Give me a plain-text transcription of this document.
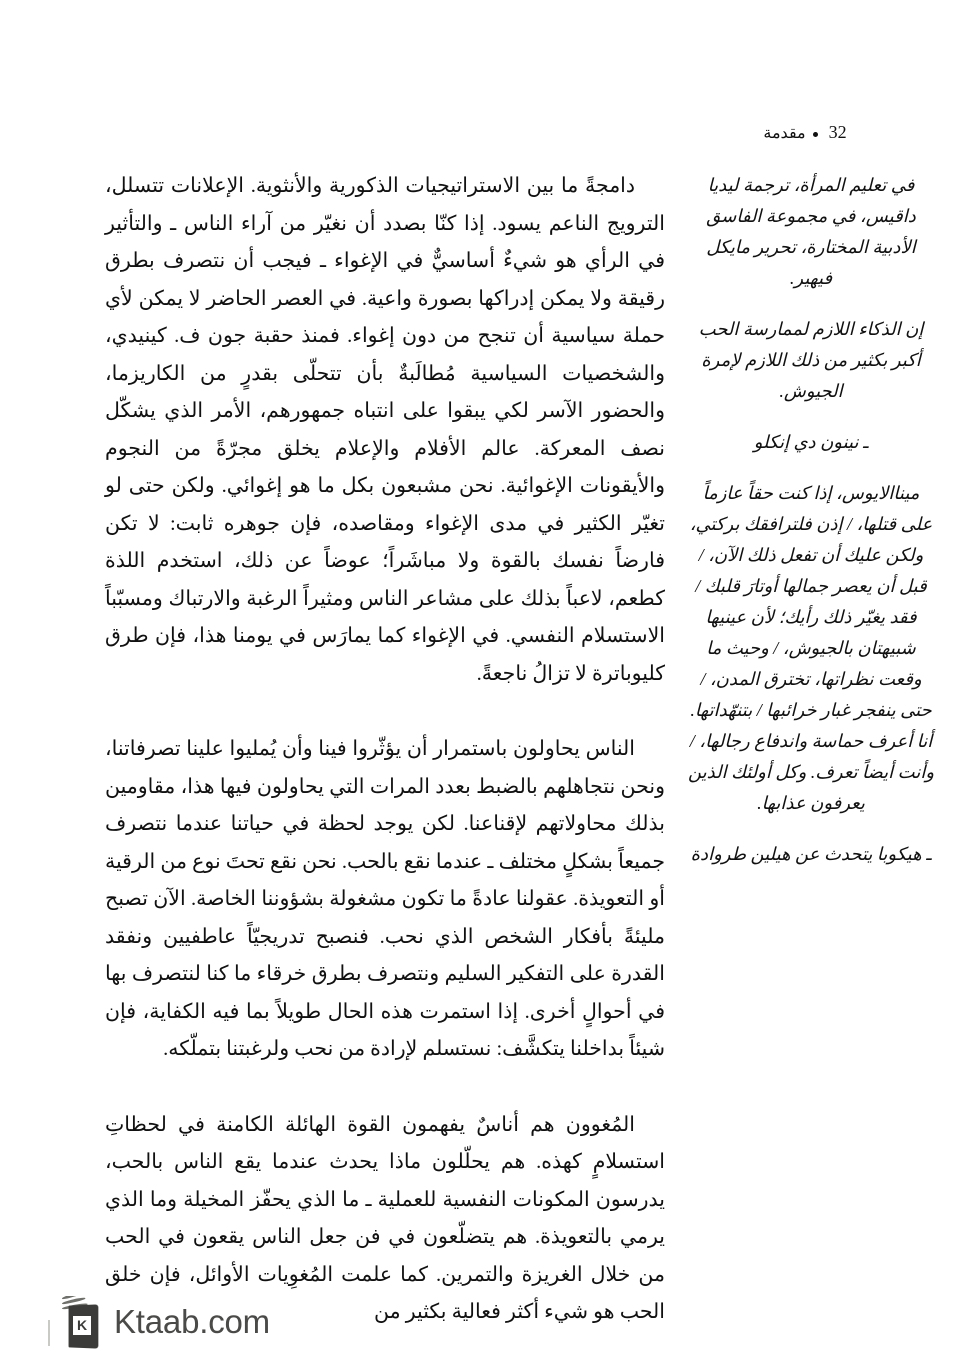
32مقدمة

دامجةً ما بين الاستراتيجيات الذكورية والأنثوية. الإعلانات تتسلل، الترويج الناعم يسود. إذا كنّا بصدد أن نغيّر من آراء الناس ـ والتأثير في الرأي هو شيءٌ أساسيٌّ في الإغواء ـ فيجب أن نتصرف بطرق رقيقة ولا يمكن إدراكها بصورة واعية. في العصر الحاضر لا يمكن لأي حملة سياسية أن تنجح من دون إغواء. فمنذ حقبة جون ف. كينيدي، والشخصيات السياسية مُطالَبةٌ بأن تتحلّى بقدرٍ من الكاريزما، والحضور الآسر لكي يبقوا على انتباه جمهورهم، الأمر الذي يشكّل نصف المعركة. عالم الأفلام والإعلام يخلق مجرّةً من النجوم والأيقونات الإغوائية. نحن مشبعون بكل ما هو إغوائي. ولكن حتى لو تغيّر الكثير في مدى الإغواء ومقاصده، فإن جوهره ثابت: لا تكن فارضاً نفسك بالقوة ولا مباشَراً؛ عوضاً عن ذلك، استخدم اللذة كطعم، لاعباً بذلك على مشاعر الناس ومثيراً الرغبة والارتباك ومسبّباً الاستسلام النفسي. في الإغواء كما يمارَس في يومنا هذا، فإن طرق كليوباترة لا تزالُ ناجعةً.

الناس يحاولون باستمرار أن يؤثّروا فينا وأن يُمليوا علينا تصرفاتنا، ونحن نتجاهلهم بالضبط بعدد المرات التي يحاولون فيها هذا، مقاومين بذلك محاولاتهم لإقناعنا. لكن يوجد لحظة في حياتنا عندما نتصرف جميعاً بشكلٍ مختلف ـ عندما نقع بالحب. نحن نقع تحتَ نوع من الرقية أو التعويذة. عقولنا عادةً ما تكون مشغولة بشؤوننا الخاصة. الآن تصبح مليئةً بأفكار الشخص الذي نحب. فنصبح تدريجيّاً عاطفيين ونفقد القدرة على التفكير السليم ونتصرف بطرق خرقاء ما كنا لنتصرف بها في أحوالٍ أخرى. إذا استمرت هذه الحال طويلاً بما فيه الكفاية، فإن شيئاً بداخلنا يتكشَّف: نستسلم لإرادة من نحب ولرغبتنا بتملّكه.

المُغوون هم أناسٌ يفهمون القوة الهائلة الكامنة في لحظاتِ استسلامٍ كهذه. هم يحلّلون ماذا يحدث عندما يقع الناس بالحب، يدرسون المكونات النفسية للعملية ـ ما الذي يحفّز المخيلة وما الذي يرمي بالتعويذة. هم يتضلّعون في فن جعل الناس يقعون في الحب من خلال الغريزة والتمرين. كما علمت المُغوِيات الأوائل، فإن خلق الحب هو شيء أكثر فعالية بكثير من

في تعليم المرأة، ترجمة ليديا داقيس، في مجموعة الفاسق الأدبية المختارة، تحرير مايكل فيهير.
إن الذكاء اللازم لممارسة الحب أكبر بكثير من ذلك اللازم لإمرة الجيوش.
ـ نينون دي إنكلو
ميناالايوس، إذا كنت حقاً عازماً على قتلها، / إذن فلترافقك بركتي، ولكن عليك أن تفعل ذلك الآن، / قبل أن يعصر جمالها أوتارَ قلبك / فقد يغيّر ذلك رأيك؛ لأن عينيها شبيهتان بالجيوش، / وحيث ما وقعت نظراتها، تخترق المدن، / حتى ينفجر غبار خرائبها / بتنهّداتها. أنا أعرف حماسة واندفاع رجالها، / وأنت أيضاً تعرف. وكل أولئك الذين يعرفون عذابها.
ـ هيكوبا يتحدث عن هيلين طروادة
K Ktaab.com
